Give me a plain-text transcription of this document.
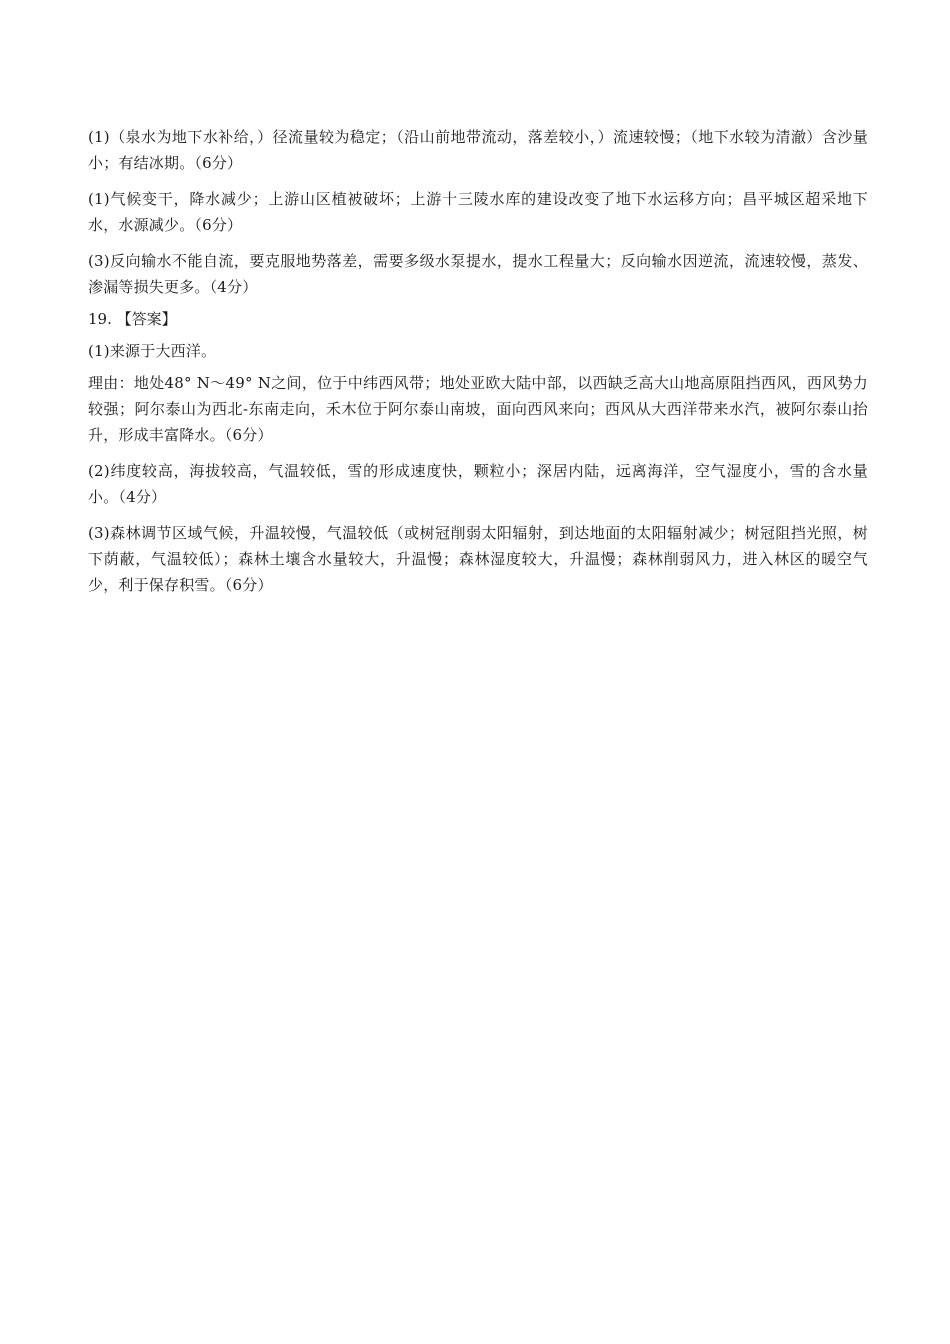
(1)（泉水为地下水补给，）径流量较为稳定；（沿山前地带流动，落差较小，）流速较慢；（地下水较为清澈）含沙量小；有结冰期。（6分）

(1)气候变干，降水减少；上游山区植被破坏；上游十三陵水库的建设改变了地下水运移方向；昌平城区超采地下水，水源减少。（6分）

(3)反向输水不能自流，要克服地势落差，需要多级水泵提水，提水工程量大；反向输水因逆流，流速较慢，蒸发、渗漏等损失更多。（4分）

19. 【答案】

(1)来源于大西洋。

理由：地处48° N～49° N之间，位于中纬西风带；地处亚欧大陆中部，以西缺乏高大山地高原阻挡西风，西风势力较强；阿尔泰山为西北-东南走向，禾木位于阿尔泰山南坡，面向西风来向；西风从大西洋带来水汽，被阿尔泰山抬升，形成丰富降水。（6分）

(2)纬度较高，海拔较高，气温较低，雪的形成速度快，颗粒小；深居内陆，远离海洋，空气湿度小，雪的含水量小。（4分）

(3)森林调节区域气候，升温较慢，气温较低（或树冠削弱太阳辐射，到达地面的太阳辐射减少；树冠阻挡光照，树下荫蔽，气温较低）；森林土壤含水量较大，升温慢；森林湿度较大，升温慢；森林削弱风力，进入林区的暖空气少，利于保存积雪。（6分）
